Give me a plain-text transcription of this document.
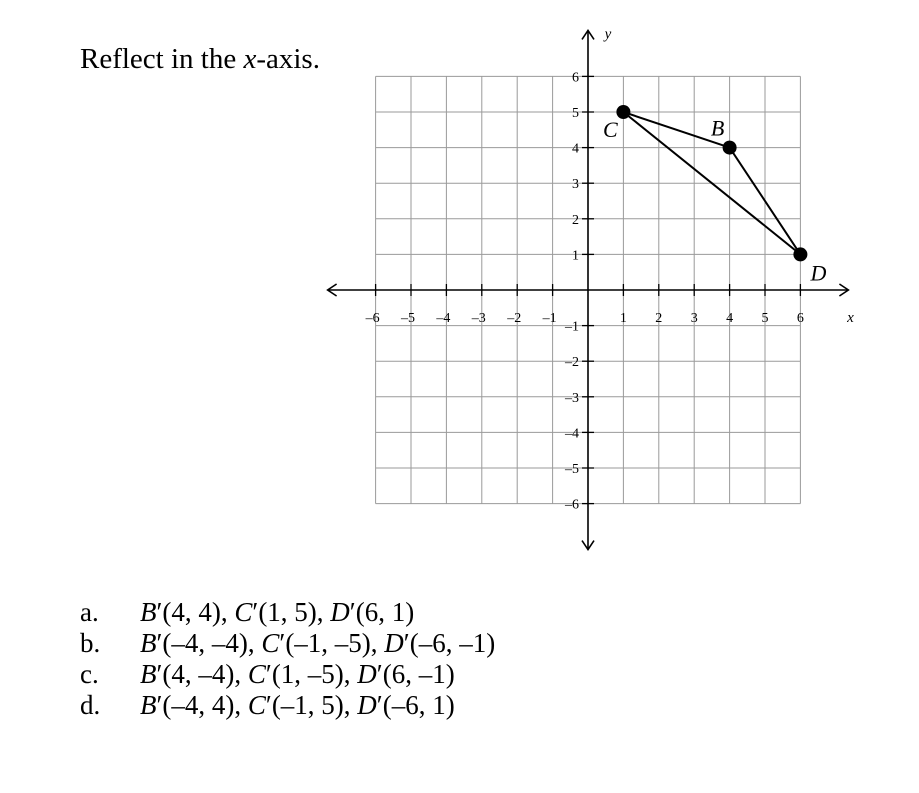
Reflect in the x-axis.
–6 –5 –4 –3 –2 –1	1 2 3 4 5 6
6
5
4
3
2
1
–1
–2
–3
–4
–5
–6
x
y
B
C
D
a.	B′(4, 4), C′(1, 5), D′(6, 1)
b.	B′(–4, –4), C′(–1, –5), D′(–6, –1)
c.	B′(4, –4), C′(1, –5), D′(6, –1)
d.	B′(–4, 4), C′(–1, 5), D′(–6, 1)
